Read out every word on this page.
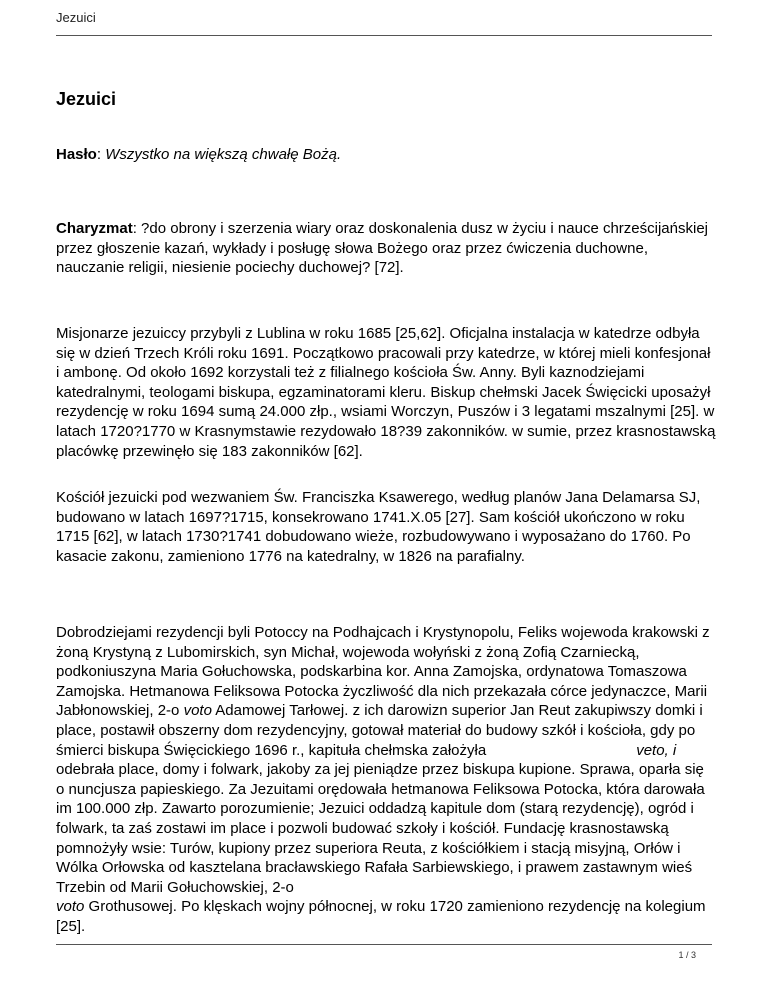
Jezuici
Jezuici

Hasło: Wszystko na większą chwałę Bożą.

Charyzmat: ?do obrony i szerzenia wiary oraz doskonalenia dusz w życiu i nauce chrześcijańskiej przez głoszenie kazań, wykłady i posługę słowa Bożego oraz przez ćwiczenia duchowne, nauczanie religii, niesienie pociechy duchowej? [72].

Misjonarze jezuiccy przybyli z Lublina w roku 1685 [25,62]. Oficjalna instalacja w katedrze odbyła się w dzień Trzech Króli roku 1691. Początkowo pracowali przy katedrze, w której mieli konfesjonał i ambonę. Od około 1692 korzystali też z filialnego kościoła Św. Anny. Byli kaznodziejami katedralnymi, teologami biskupa, egzaminatorami kleru. Biskup chełmski Jacek Święcicki uposażył rezydencję w roku 1694 sumą 24.000 złp., wsiami Worczyn, Puszów i 3 legatami mszalnymi [25]. w latach 1720?1770 w Krasnymstawie rezydowało 18?39 zakonników. w sumie, przez krasnostawską placówkę przewinęło się 183 zakonników [62].

Kościół jezuicki pod wezwaniem Św. Franciszka Ksawerego, według planów Jana Delamarsa SJ, budowano w latach 1697?1715, konsekrowano 1741.X.05 [27]. Sam kościół ukończono w roku 1715 [62], w latach 1730?1741 dobudowano wieże, rozbudowywano i wyposażano do 1760. Po kasacie zakonu, zamieniono 1776 na katedralny, w 1826 na parafialny.

Dobrodziejami rezydencji byli Potoccy na Podhajcach i Krystynopolu, Feliks wojewoda krakowski z żoną Krystyną z Lubomirskich, syn Michał, wojewoda wołyński z żoną Zofią Czarniecką, podkoniuszyna Maria Gołuchowska, podskarbina kor. Anna Zamojska, ordynatowa Tomaszowa Zamojska. Hetmanowa Feliksowa Potocka życzliwość dla nich przekazała córce jedynaczce, Marii Jabłonowskiej, 2-o voto Adamowej Tarłowej. z ich darowizn superior Jan Reut zakupiwszy domki i place, postawił obszerny dom rezydencyjny, gotował materiał do budowy szkół i kościoła, gdy po śmierci biskupa Święcickiego 1696 r., kapituła chełmska założyła	veto, i odebrała place, domy i folwark, jakoby za jej pieniądze przez biskupa kupione. Sprawa, oparła się o nuncjusza papieskiego. Za Jezuitami orędowała hetmanowa Feliksowa Potocka, która darowała im 100.000 złp. Zawarto porozumienie; Jezuici oddadzą kapitule dom (starą rezydencję), ogród i folwark, ta zaś zostawi im place i pozwoli budować szkoły i kościół. Fundację krasnostawską pomnożyły wsie: Turów, kupiony przez superiora Reuta, z kościółkiem i stacją misyjną, Orłów i Wólka Orłowska od kasztelana bracławskiego Rafała Sarbiewskiego, i prawem zastawnym wieś Trzebin od Marii Gołuchowskiej, 2-ovoto Grothusowej. Po klęskach wojny północnej, w roku 1720 zamieniono rezydencję na kolegium [25].

1 / 3
